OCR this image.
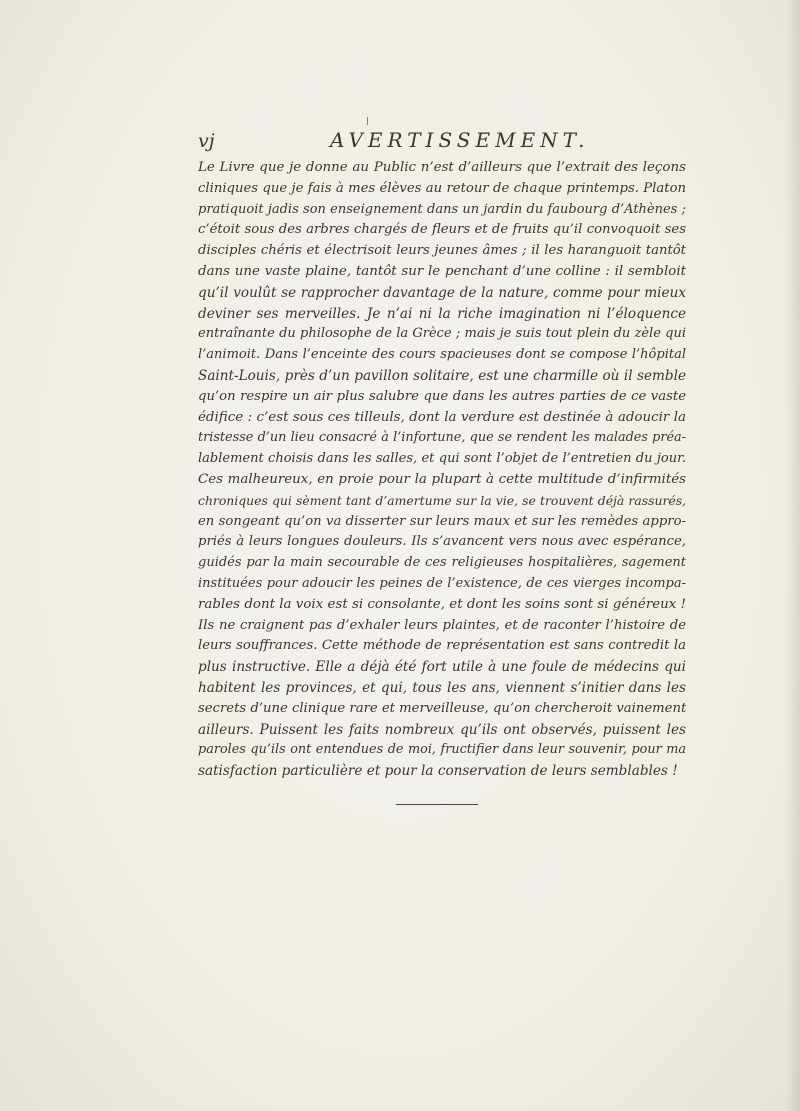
vj	AVERTISSEMENT.
Le Livre que je donne au Public n’est d’ailleurs que l’extrait des leçons
cliniques que je fais à mes élèves au retour de chaque printemps. Platon
pratiquoit jadis son enseignement dans un jardin du faubourg d’Athènes ;
c’étoit sous des arbres chargés de fleurs et de fruits qu’il convoquoit ses
disciples chéris et électrisoit leurs jeunes âmes ; il les haranguoit tantôt
dans une vaste plaine, tantôt sur le penchant d’une colline : il sembloit
qu’il voulût se rapprocher davantage de la nature, comme pour mieux
deviner ses merveilles. Je n’ai ni la riche imagination ni l’éloquence
entraînante du philosophe de la Grèce ; mais je suis tout plein du zèle qui
l’animoit. Dans l’enceinte des cours spacieuses dont se compose l’hôpital
Saint-Louis, près d’un pavillon solitaire, est une charmille où il semble
qu’on respire un air plus salubre que dans les autres parties de ce vaste
édifice : c’est sous ces tilleuls, dont la verdure est destinée à adoucir la
tristesse d’un lieu consacré à l’infortune, que se rendent les malades préa-
lablement choisis dans les salles, et qui sont l’objet de l’entretien du jour.
Ces malheureux, en proie pour la plupart à cette multitude d’infirmités
chroniques qui sèment tant d’amertume sur la vie, se trouvent déjà rassurés,
en songeant qu’on va disserter sur leurs maux et sur les remèdes appro-
priés à leurs longues douleurs. Ils s’avancent vers nous avec espérance,
guidés par la main secourable de ces religieuses hospitalières, sagement
instituées pour adoucir les peines de l’existence, de ces vierges incompa-
rables dont la voix est si consolante, et dont les soins sont si généreux !
Ils ne craignent pas d’exhaler leurs plaintes, et de raconter l’histoire de
leurs souffrances. Cette méthode de représentation est sans contredit la
plus instructive. Elle a déjà été fort utile à une foule de médecins qui
habitent les provinces, et qui, tous les ans, viennent s’initier dans les
secrets d’une clinique rare et merveilleuse, qu’on chercheroit vainement
ailleurs. Puissent les faits nombreux qu’ils ont observés, puissent les
paroles qu’ils ont entendues de moi, fructifier dans leur souvenir, pour ma
satisfaction particulière et pour la conservation de leurs semblables !
